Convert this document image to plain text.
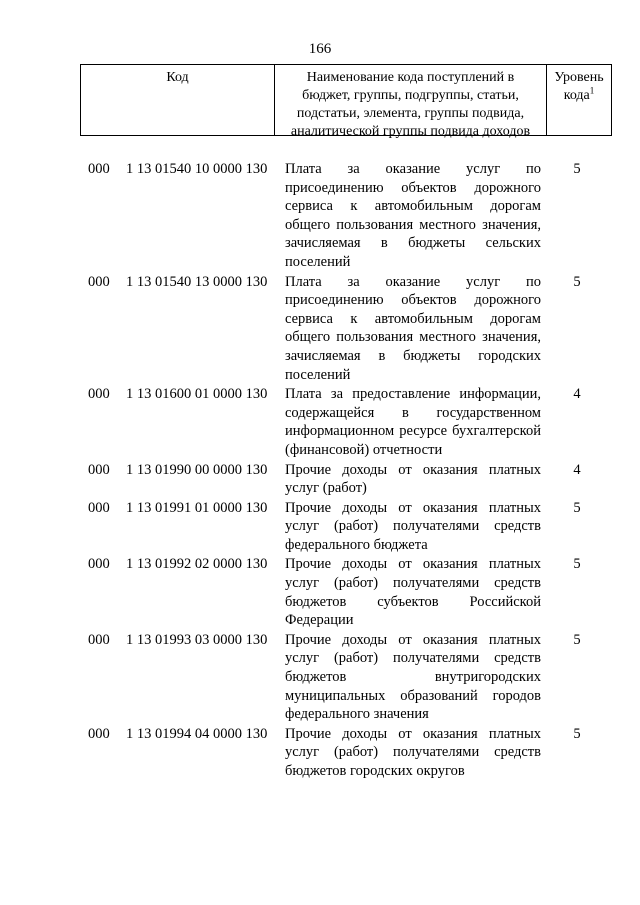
166
Код	Наименование кода поступлений в
бюджет, группы, подгруппы, статьи,
подстатьи, элемента, группы подвида,
аналитической группы подвида доходов
Уровень
кода$^1$
000 1 13 01540 10 0000 130 Плата за оказание услуг по присоединению объектов дорожного сервиса к автомобильным дорогам общего пользования местного значения, зачисляемая в бюджеты сельских поселений
5
000 1 13 01540 13 0000 130 Плата за оказание услуг по присоединению объектов дорожного сервиса к автомобильным дорогам общего пользования местного значения, зачисляемая в бюджеты городских поселений
5
000 1 13 01600 01 0000 130 Плата за предоставление информации, содержащейся в государственном информационном ресурсе бухгалтерской (финансовой) отчетности
4
000 1 13 01990 00 0000 130 Прочие доходы от оказания платных услуг (работ)
4
000 1 13 01991 01 0000 130 Прочие доходы от оказания платных услуг (работ) получателями средств федерального бюджета
5
000 1 13 01992 02 0000 130 Прочие доходы от оказания платных услуг (работ) получателями средств бюджетов субъектов Российской Федерации
5
000 1 13 01993 03 0000 130 Прочие доходы от оказания платных услуг (работ) получателями средств бюджетов внутригородских муниципальных образований городов федерального значения
5
000 1 13 01994 04 0000 130 Прочие доходы от оказания платных услуг (работ) получателями средств бюджетов городских округов
5
